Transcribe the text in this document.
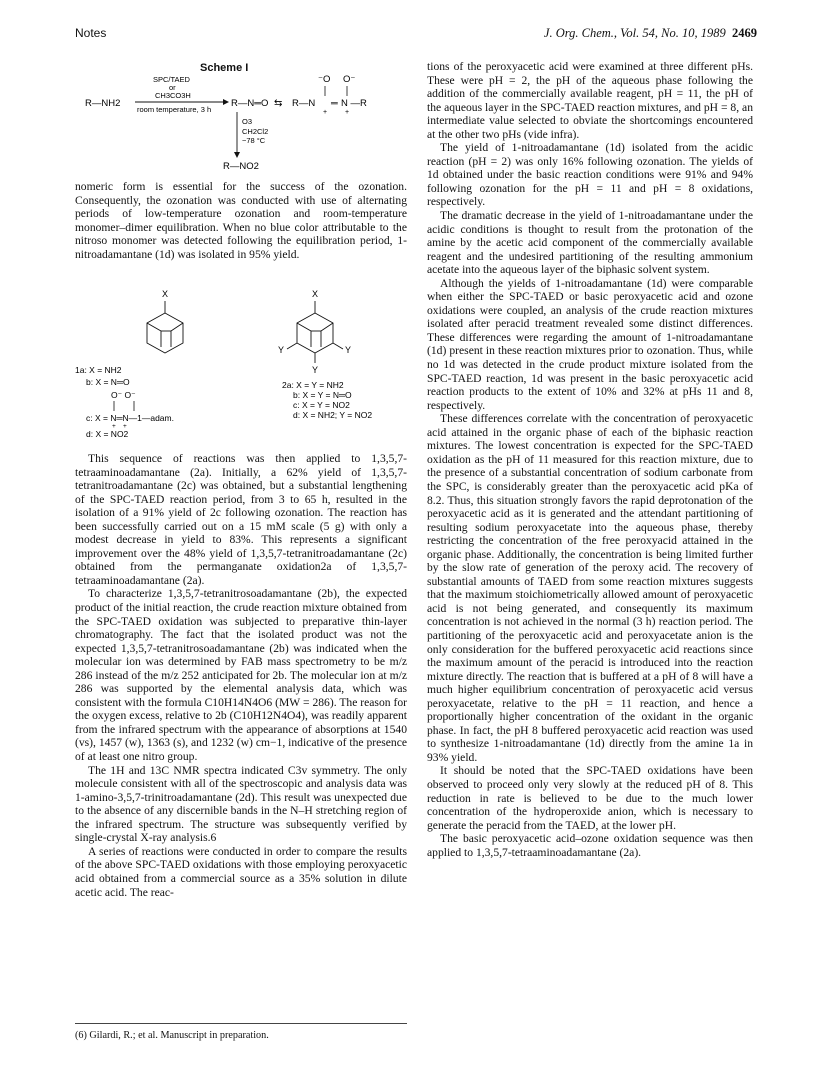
Notes	J. Org. Chem., Vol. 54, No. 10, 1989 2469
Scheme I
SPC/TAED
or
CH3CO3H
room temperature, 3 h
R—NH2	R—N═O ⇆
⁻O O⁻
R—N ═ N —R
+	+
O3
CH2Cl2
−78 °C
R—NO2

nomeric form is essential for the success of the ozonation. Consequently, the ozonation was conducted with use of alternating periods of low-temperature ozonation and room-temperature monomer–dimer equilibration. When no blue color attributable to the nitroso monomer was detected following the equilibration period, 1-nitroadamantane (1d) was isolated in 95% yield.

X
1a: X = NH2
b: X = N═O
O⁻ O⁻
c: X = N═N—1—adam.
+    +
d: X = NO2
X
Y	Y
Y
2a: X = Y = NH2
b: X = Y = N═O
c: X = Y = NO2
d: X = NH2; Y = NO2

This sequence of reactions was then applied to 1,3,5,7-tetraaminoadamantane (2a). Initially, a 62% yield of 1,3,5,7-tetranitroadamantane (2c) was obtained, but a substantial lengthening of the SPC-TAED reaction period, from 3 to 65 h, resulted in the isolation of a 91% yield of 2c following ozonation. The reaction has been successfully carried out on a 15 mM scale (5 g) with only a modest decrease in yield to 83%. This represents a significant improvement over the 48% yield of 1,3,5,7-tetranitroadamantane (2c) obtained from the permanganate oxidation2a of 1,3,5,7-tetraaminoadamantane (2a).

To characterize 1,3,5,7-tetranitrosoadamantane (2b), the expected product of the initial reaction, the crude reaction mixture obtained from the SPC-TAED oxidation was subjected to preparative thin-layer chromatography. The fact that the isolated product was not the expected 1,3,5,7-tetranitrosoadamantane (2b) was indicated when the molecular ion was determined by FAB mass spectrometry to be m/z 286 instead of the m/z 252 anticipated for 2b. The molecular ion at m/z 286 was supported by the elemental analysis data, which was consistent with the formula C10H14N4O6 (MW = 286). The reason for the oxygen excess, relative to 2b (C10H12N4O4), was readily apparent from the infrared spectrum with the appearance of absorptions at 1540 (vs), 1457 (w), 1363 (s), and 1232 (w) cm−1, indicative of the presence of at least one nitro group.

The 1H and 13C NMR spectra indicated C3v symmetry. The only molecule consistent with all of the spectroscopic and analysis data was 1-amino-3,5,7-trinitroadamantane (2d). This result was unexpected due to the absence of any discernible bands in the N–H stretching region of the infrared spectrum. The structure was subsequently verified by single-crystal X-ray analysis.6

A series of reactions were conducted in order to compare the results of the above SPC-TAED oxidations with those employing peroxyacetic acid obtained from a commercial source as a 35% solution in dilute acetic acid. The reac-

tions of the peroxyacetic acid were examined at three different pHs. These were pH = 2, the pH of the aqueous phase following the addition of the commercially available reagent, pH = 11, the pH of the aqueous layer in the SPC-TAED reaction mixtures, and pH = 8, an intermediate value selected to obviate the shortcomings encountered at the other two pHs (vide infra).

The yield of 1-nitroadamantane (1d) isolated from the acidic reaction (pH = 2) was only 16% following ozonation. The yields of 1d obtained under the basic reaction conditions were 91% and 94% following ozonation for the pH = 11 and pH = 8 oxidations, respectively.

The dramatic decrease in the yield of 1-nitroadamantane under the acidic conditions is thought to result from the protonation of the amine by the acetic acid component of the commercially available reagent and the undesired partitioning of the resulting ammonium acetate into the aqueous layer of the biphasic solvent system.

Although the yields of 1-nitroadamantane (1d) were comparable when either the SPC-TAED or basic peroxyacetic acid and ozone oxidations were coupled, an analysis of the crude reaction mixtures isolated after peracid treatment revealed some distinct differences. These differences were regarding the amount of 1-nitroadamantane (1d) present in these reaction mixtures prior to ozonation. Thus, while no 1d was detected in the crude product mixture isolated from the SPC-TAED reaction, 1d was present in the basic peroxyacetic acid reaction products to the extent of 10% and 32% at pHs 11 and 8, respectively.

These differences correlate with the concentration of peroxyacetic acid attained in the organic phase of each of the biphasic reaction mixtures. The lowest concentration is expected for the SPC-TAED oxidation as the pH of 11 measured for this reaction mixture, due to the presence of a substantial concentration of sodium carbonate from the SPC, is considerably greater than the peroxyacetic acid pKa of 8.2. Thus, this situation strongly favors the rapid deprotonation of the peroxyacetic acid as it is generated and the attendant partitioning of resulting sodium peroxyacetate into the aqueous phase, thereby restricting the concentration of the free peroxyacid attained in the organic phase. Additionally, the concentration is being limited further by the slow rate of generation of the peroxy acid. The recovery of substantial amounts of TAED from some reaction mixtures suggests that the maximum stoichiometrically allowed amount of peroxyacetic acid is not being generated, and consequently its maximum concentration is not achieved in the normal (3 h) reaction period. The partitioning of the peroxyacetic acid and peroxyacetate anion is the only consideration for the buffered peroxyacetic acid reactions since the maximum amount of the peracid is introduced into the reaction mixture directly. The reaction that is buffered at a pH of 8 will have a much higher equilibrium concentration of peroxyacetic acid versus peroxyacetate, relative to the pH = 11 reaction, and hence a proportionally higher concentration of the oxidant in the organic phase. In fact, the pH 8 buffered peroxyacetic acid reaction was used to synthesize 1-nitroadamantane (1d) directly from the amine 1a in 93% yield.

It should be noted that the SPC-TAED oxidations have been observed to proceed only very slowly at the reduced pH of 8. This reduction in rate is believed to be due to the much lower concentration of the hydroperoxide anion, which is necessary to generate the peracid from the TAED, at the lower pH.

The basic peroxyacetic acid–ozone oxidation sequence was then applied to 1,3,5,7-tetraaminoadamantane (2a).

(6) Gilardi, R.; et al. Manuscript in preparation.
